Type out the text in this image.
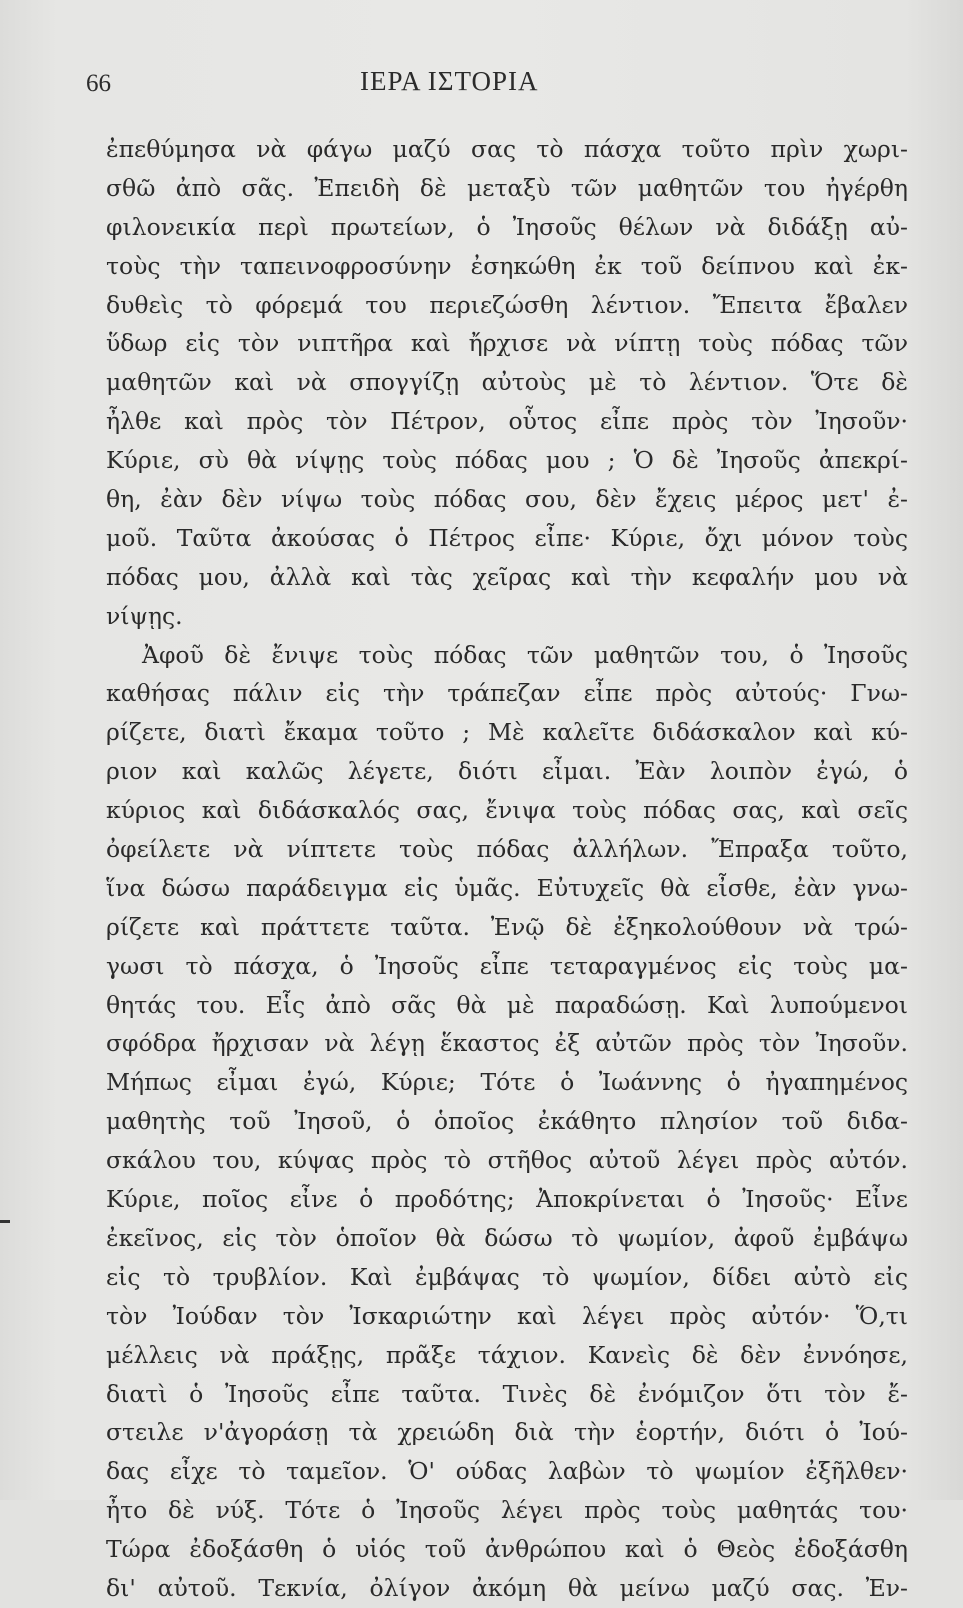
66	ΙΕΡΑ ΙΣΤΟΡΙΑ
ἐπεθύμησα νὰ φάγω μαζύ σας τὸ πάσχα τοῦτο πρὶν χωρι-
σθῶ ἀπὸ σᾶς. Ἐπειδὴ δὲ μεταξὺ τῶν μαθητῶν του ἠγέρθη
φιλονεικία περὶ πρωτείων, ὁ Ἰησοῦς θέλων νὰ διδάξῃ αὐ-
τοὺς τὴν ταπεινοφροσύνην ἐσηκώθη ἐκ τοῦ δείπνου καὶ ἐκ-
δυθεὶς τὸ φόρεμά του περιεζώσθη λέντιον. Ἔπειτα ἔβαλεν
ὕδωρ εἰς τὸν νιπτῆρα καὶ ἤρχισε νὰ νίπτῃ τοὺς πόδας τῶν
μαθητῶν καὶ νὰ σπογγίζῃ αὐτοὺς μὲ τὸ λέντιον. Ὅτε δὲ
ἦλθε καὶ πρὸς τὸν Πέτρον, οὗτος εἶπε πρὸς τὸν Ἰησοῦν·
Κύριε, σὺ θὰ νίψῃς τοὺς πόδας μου ; Ὁ δὲ Ἰησοῦς ἀπεκρί-
θη, ἐὰν δὲν νίψω τοὺς πόδας σου, δὲν ἔχεις μέρος μετ' ἐ-
μοῦ. Ταῦτα ἀκούσας ὁ Πέτρος εἶπε· Κύριε, ὄχι μόνον τοὺς
πόδας μου, ἀλλὰ καὶ τὰς χεῖρας καὶ τὴν κεφαλήν μου νὰ
νίψῃς.
Ἀφοῦ δὲ ἔνιψε τοὺς πόδας τῶν μαθητῶν του, ὁ Ἰησοῦς
καθήσας πάλιν εἰς τὴν τράπεζαν εἶπε πρὸς αὐτούς· Γνω-
ρίζετε, διατὶ ἔκαμα τοῦτο ; Μὲ καλεῖτε διδάσκαλον καὶ κύ-
ριον καὶ καλῶς λέγετε, διότι εἶμαι. Ἐὰν λοιπὸν ἐγώ, ὁ
κύριος καὶ διδάσκαλός σας, ἔνιψα τοὺς πόδας σας, καὶ σεῖς
ὀφείλετε νὰ νίπτετε τοὺς πόδας ἀλλήλων. Ἔπραξα τοῦτο,
ἵνα δώσω παράδειγμα εἰς ὑμᾶς. Εὐτυχεῖς θὰ εἶσθε, ἐὰν γνω-
ρίζετε καὶ πράττετε ταῦτα. Ἐνῷ δὲ ἐξηκολούθουν νὰ τρώ-
γωσι τὸ πάσχα, ὁ Ἰησοῦς εἶπε τεταραγμένος εἰς τοὺς μα-
θητάς του. Εἷς ἀπὸ σᾶς θὰ μὲ παραδώσῃ. Καὶ λυπούμενοι
σφόδρα ἤρχισαν νὰ λέγῃ ἕκαστος ἐξ αὐτῶν πρὸς τὸν Ἰησοῦν.
Μήπως εἶμαι ἐγώ, Κύριε; Τότε ὁ Ἰωάννης ὁ ἠγαπημένος
μαθητὴς τοῦ Ἰησοῦ, ὁ ὁποῖος ἐκάθητο πλησίον τοῦ διδα-
σκάλου του, κύψας πρὸς τὸ στῆθος αὐτοῦ λέγει πρὸς αὐτόν.
Κύριε, ποῖος εἶνε ὁ προδότης; Ἀποκρίνεται ὁ Ἰησοῦς· Εἶνε
ἐκεῖνος, εἰς τὸν ὁποῖον θὰ δώσω τὸ ψωμίον, ἀφοῦ ἐμβάψω
εἰς τὸ τρυβλίον. Καὶ ἐμβάψας τὸ ψωμίον, δίδει αὐτὸ εἰς
τὸν Ἰούδαν τὸν Ἰσκαριώτην καὶ λέγει πρὸς αὐτόν· Ὅ,τι
μέλλεις νὰ πράξῃς, πρᾶξε τάχιον. Κανεὶς δὲ δὲν ἐννόησε,
διατὶ ὁ Ἰησοῦς εἶπε ταῦτα. Τινὲς δὲ ἐνόμιζον ὅτι τὸν ἔ-
στειλε ν'ἀγοράσῃ τὰ χρειώδη διὰ τὴν ἑορτήν, διότι ὁ Ἰού-
δας εἶχε τὸ ταμεῖον. Ὁ' ούδας λαβὼν τὸ ψωμίον ἐξῆλθεν·
ἦτο δὲ νύξ. Τότε ὁ Ἰησοῦς λέγει πρὸς τοὺς μαθητάς του·
Τώρα ἐδοξάσθη ὁ υἱός τοῦ ἀνθρώπου καὶ ὁ Θεὸς ἐδοξάσθη
δι' αὐτοῦ. Τεκνία, ὀλίγον ἀκόμη θὰ μείνω μαζύ σας. Ἐν-
